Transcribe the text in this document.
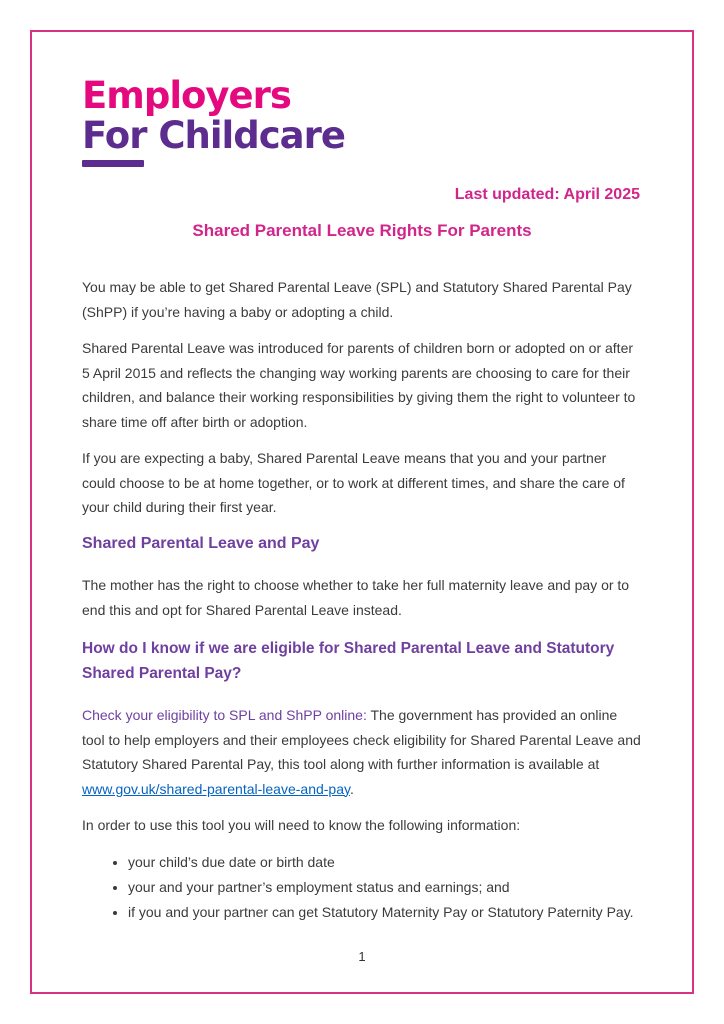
Employers
For Childcare
Last updated: April 2025
Shared Parental Leave Rights For Parents

You may be able to get Shared Parental Leave (SPL) and Statutory Shared Parental Pay (ShPP) if you’re having a baby or adopting a child.

Shared Parental Leave was introduced for parents of children born or adopted on or after 5 April 2015 and reflects the changing way working parents are choosing to care for their children, and balance their working responsibilities by giving them the right to volunteer to share time off after birth or adoption.

If you are expecting a baby, Shared Parental Leave means that you and your partner could choose to be at home together, or to work at different times, and share the care of your child during their first year.

Shared Parental Leave and Pay

The mother has the right to choose whether to take her full maternity leave and pay or to end this and opt for Shared Parental Leave instead.

How do I know if we are eligible for Shared Parental Leave and Statutory Shared Parental Pay?

Check your eligibility to SPL and ShPP online: The government has provided an online tool to help employers and their employees check eligibility for Shared Parental Leave and Statutory Shared Parental Pay, this tool along with further information is available at www.gov.uk/shared-parental-leave-and-pay.

In order to use this tool you will need to know the following information:

• your child’s due date or birth date
• your and your partner’s employment status and earnings; and
• if you and your partner can get Statutory Maternity Pay or Statutory Paternity Pay.
1
